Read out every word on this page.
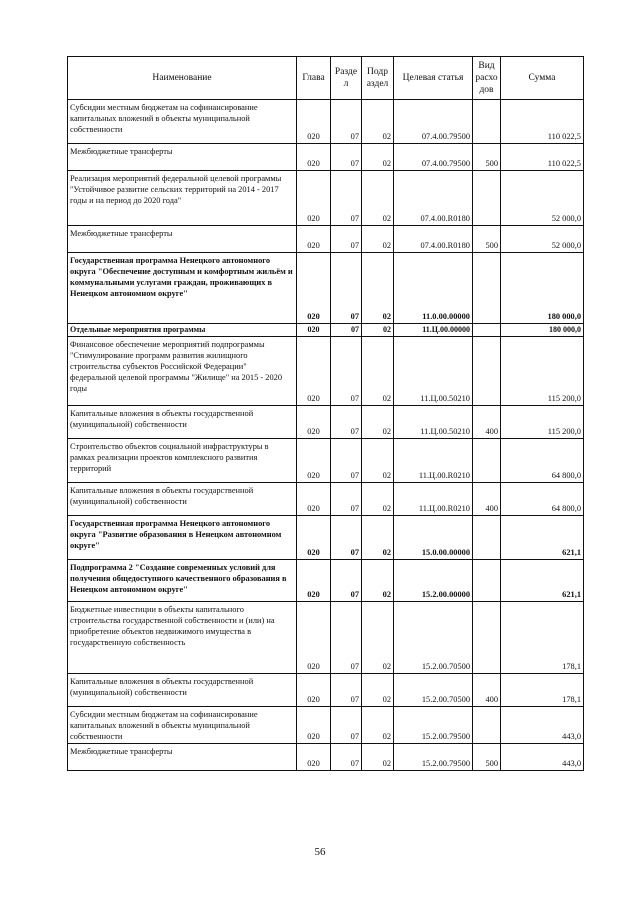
Наименование	Глава	Разде л	Подр аздел	Целевая статья	Вид расхо дов	Сумма
Субсидии местным бюджетам на софинансирование капитальных вложений в объекты муниципальной собственности	020	07	02	07.4.00.79500		110 022,5
Межбюджетные трансферты	020	07	02	07.4.00.79500	500	110 022,5
Реализация мероприятий федеральной целевой программы "Устойчивое развитие сельских территорий на 2014 - 2017 годы и на период до 2020 года"	020	07	02	07.4.00.R0180		52 000,0
Межбюджетные трансферты	020	07	02	07.4.00.R0180	500	52 000,0
Государственная программа Ненецкого автономного округа "Обеспечение доступным и комфортным жильём и коммунальными услугами граждан, проживающих в Ненецком автономном округе"	020	07	02	11.0.00.00000		180 000,0
Отдельные мероприятия программы	020	07	02	11.Ц.00.00000		180 000,0
Финансовое обеспечение мероприятий подпрограммы "Стимулирование программ развития жилищного строительства субъектов Российской Федерации" федеральной целевой программы "Жилище" на 2015 - 2020 годы	020	07	02	11.Ц.00.50210		115 200,0
Капитальные вложения в объекты государственной (муниципальной) собственности	020	07	02	11.Ц.00.50210	400	115 200,0
Строительство объектов социальной инфраструктуры в рамках реализации проектов комплексного развития территорий	020	07	02	11.Ц.00.R0210		64 800,0
Капитальные вложения в объекты государственной (муниципальной) собственности	020	07	02	11.Ц.00.R0210	400	64 800,0
Государственная программа Ненецкого автономного округа "Развитие образования в Ненецком автономном округе"	020	07	02	15.0.00.00000		621,1
Подпрограмма 2 "Создание современных условий для получения общедоступного качественного образования в Ненецком автономном округе"	020	07	02	15.2.00.00000		621,1
Бюджетные инвестиции в объекты капитального строительства государственной собственности и (или) на приобретение объектов недвижимого имущества в государственную собственность	020	07	02	15.2.00.70500		178,1
Капитальные вложения в объекты государственной (муниципальной) собственности	020	07	02	15.2.00.70500	400	178,1
Субсидии местным бюджетам на софинансирование капитальных вложений в объекты муниципальной собственности	020	07	02	15.2.00.79500		443,0
Межбюджетные трансферты	020	07	02	15.2.00.79500	500	443,0
56
